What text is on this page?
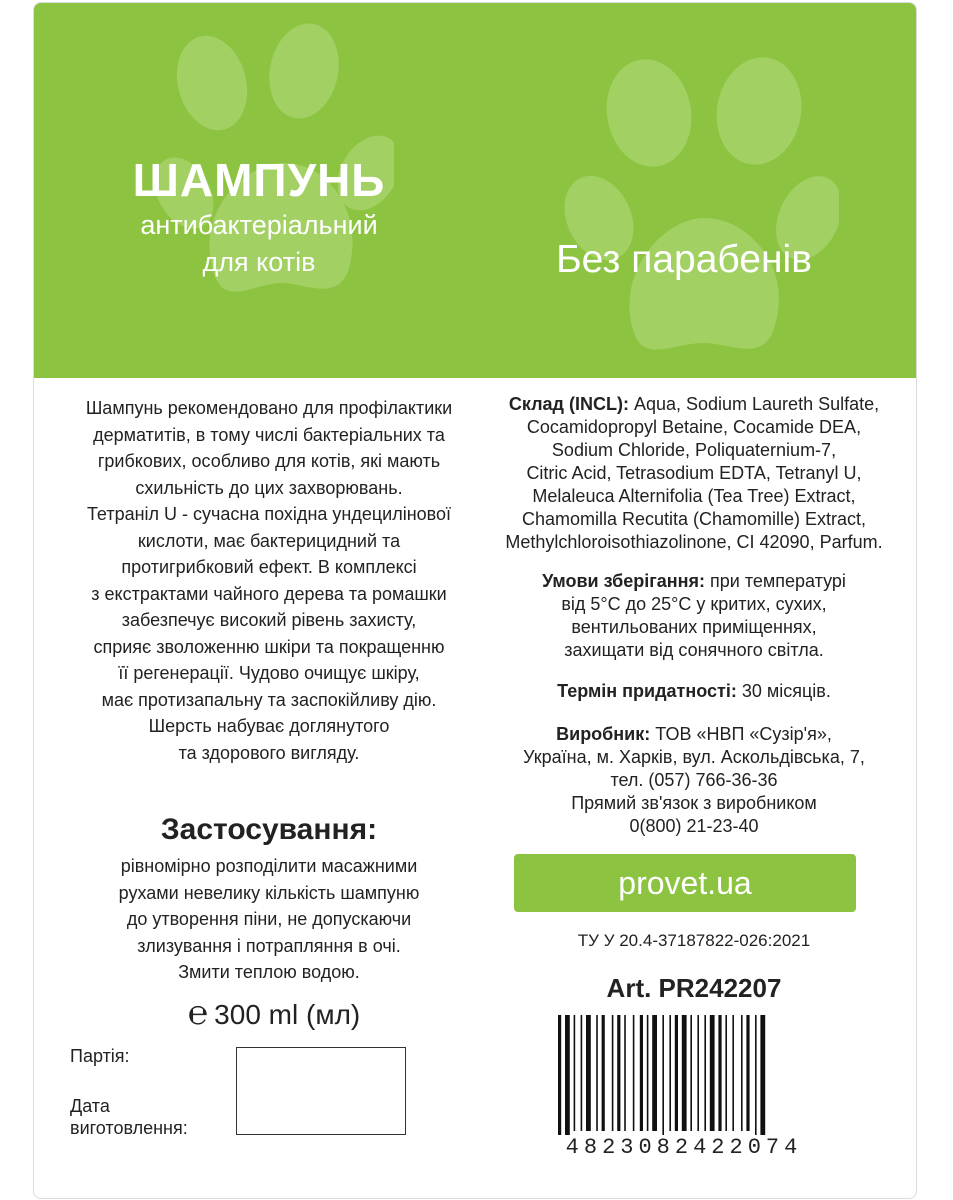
ШАМПУНЬ
антибактеріальний
для котів	Без парабенів
Шампунь рекомендовано для профілактики
дерматитів, в тому числі бактеріальних та
грибкових, особливо для котів, які мають
схильність до цих захворювань.
Тетраніл U - сучасна похідна ундецилінової
кислоти, має бактерицидний та
протигрибковий ефект. В комплексі
з екстрактами чайного дерева та ромашки
забезпечує високий рівень захисту,
сприяє зволоженню шкіри та покращенню
її регенерації. Чудово очищує шкіру,
має протизапальну та заспокійливу дію.
Шерсть набуває доглянутого
та здорового вигляду.
Застосування:
рівномірно розподілити масажними
рухами невелику кількість шампуню
до утворення піни, не допускаючи
злизування і потрапляння в очі.
Змити теплою водою.
℮ 300 ml (мл)
Партія:
Дата
виготовлення:
Склад (INCL): Aqua, Sodium Laureth Sulfate,
Cocamidopropyl Betaine, Cocamide DEA,
Sodium Chloride, Poliquaternium-7,
Citric Acid, Tetrasodium EDTA, Tetranyl U,
Melaleuca Alternifolia (Tea Tree) Extract,
Chamomilla Recutita (Chamomille) Extract,
Methylchloroisothiazolinone, CI 42090, Parfum.
Умови зберігання: при температурі
від 5°C до 25°C у критих, сухих,
вентильованих приміщеннях,
захищати від сонячного світла.
Термін придатності: 30 місяців.
Виробник: ТОВ «НВП «Сузір'я»,
Україна, м. Харків, вул. Аскольдівська, 7,
тел. (057) 766-36-36
Прямий зв'язок з виробником
0(800) 21-23-40
provet.ua
ТУ У 20.4-37187822-026:2021
Art. PR242207
4823082422074
